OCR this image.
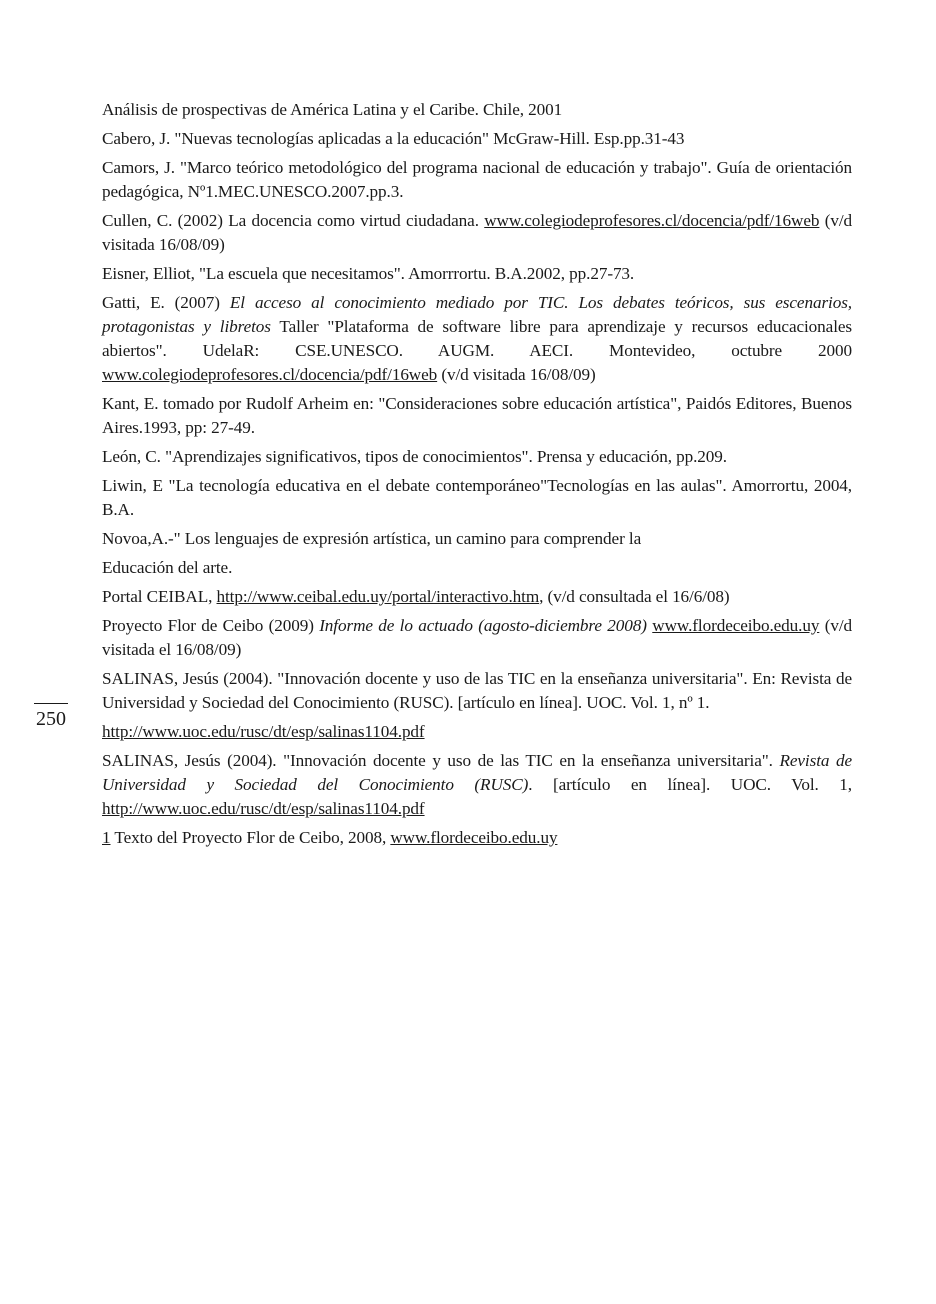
250

Análisis de prospectivas de América Latina y el Caribe. Chile, 2001

Cabero, J. "Nuevas tecnologías aplicadas a la educación" McGraw-Hill. Esp.pp.31-43

Camors, J. "Marco teórico metodológico del programa nacional de educación y trabajo". Guía de orientación pedagógica, Nº1.MEC.UNESCO.2007.pp.3.

Cullen, C. (2002) La docencia como virtud ciudadana. www.colegiodeprofesores.cl/docencia/pdf/16web (v/d visitada 16/08/09)

Eisner, Elliot, "La escuela que necesitamos". Amorrrortu. B.A.2002, pp.27-73.

Gatti, E. (2007) El acceso al conocimiento mediado por TIC. Los debates teóricos, sus escenarios, protagonistas y libretos Taller "Plataforma de software libre para aprendizaje y recursos educacionales abiertos". UdelaR: CSE.UNESCO. AUGM. AECI. Montevideo, octubre 2000 www.colegiodeprofesores.cl/docencia/pdf/16web (v/d visitada 16/08/09)

Kant, E. tomado por Rudolf Arheim en: "Consideraciones sobre educación artística", Paidós Editores, Buenos Aires.1993, pp: 27-49.

León, C. "Aprendizajes significativos, tipos de conocimientos". Prensa y educación, pp.209.

Liwin, E "La tecnología educativa en el debate contemporáneo"Tecnologías en las aulas". Amorrortu, 2004, B.A.

Novoa,A.-" Los lenguajes de expresión artística, un camino para comprender la

Educación del arte.

Portal CEIBAL, http://www.ceibal.edu.uy/portal/interactivo.htm, (v/d consultada el 16/6/08)

Proyecto Flor de Ceibo (2009) Informe de lo actuado (agosto-diciembre 2008) www.flordeceibo.edu.uy (v/d visitada el 16/08/09)

SALINAS, Jesús (2004). "Innovación docente y uso de las TIC en la enseñanza universitaria". En: Revista de Universidad y Sociedad del Conocimiento (RUSC). [artículo en línea]. UOC. Vol. 1, nº 1.

http://www.uoc.edu/rusc/dt/esp/salinas1104.pdf

SALINAS, Jesús (2004). "Innovación docente y uso de las TIC en la enseñanza universitaria". Revista de Universidad y Sociedad del Conocimiento (RUSC). [artículo en línea]. UOC. Vol. 1, http://www.uoc.edu/rusc/dt/esp/salinas1104.pdf

1 Texto del Proyecto Flor de Ceibo, 2008, www.flordeceibo.edu.uy
